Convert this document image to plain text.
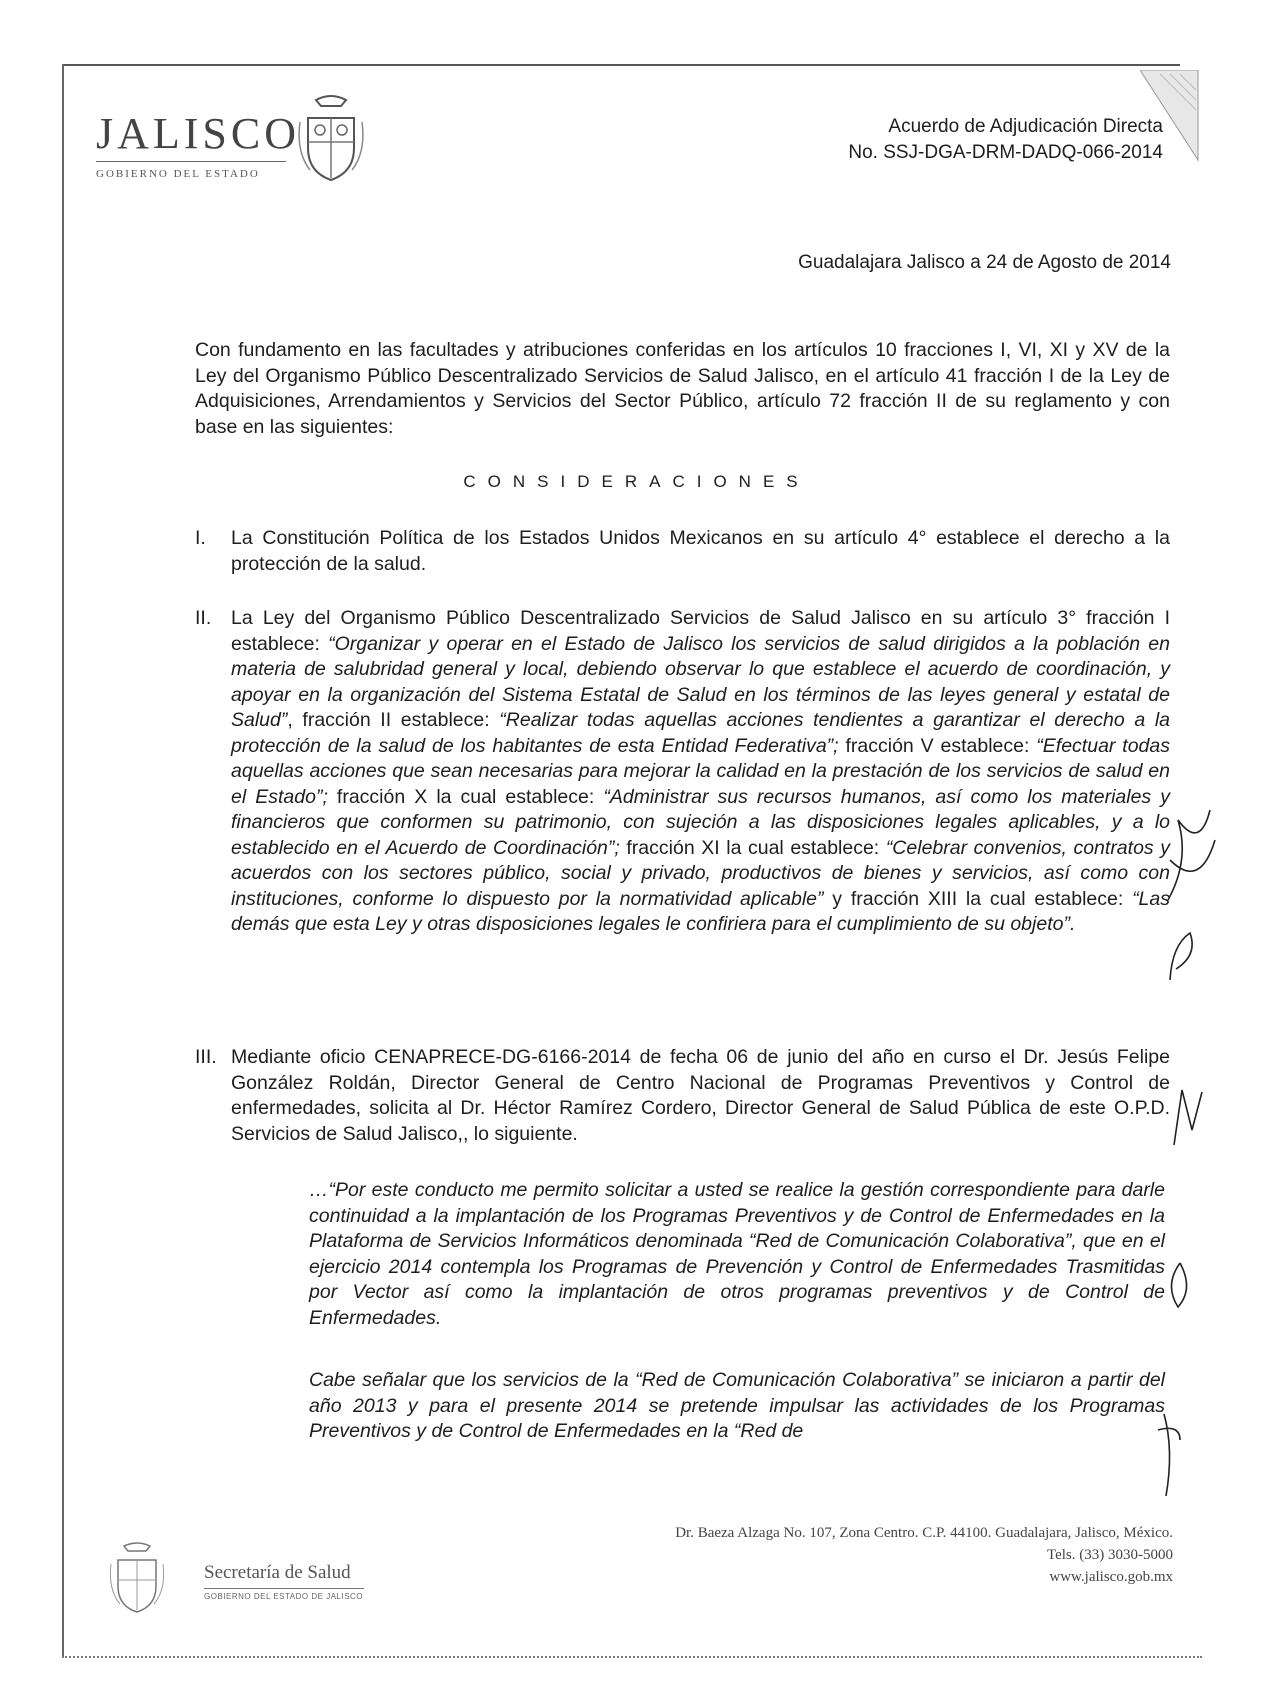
JALISCO
GOBIERNO DEL ESTADO
Acuerdo de Adjudicación Directa
No. SSJ-DGA-DRM-DADQ-066-2014
Guadalajara Jalisco a 24 de Agosto de 2014
Con fundamento en las facultades y atribuciones conferidas en los artículos 10 fracciones I, VI, XI y XV de la Ley del Organismo Público Descentralizado Servicios de Salud Jalisco, en el artículo 41 fracción I de la Ley de Adquisiciones, Arrendamientos y Servicios del Sector Público, artículo 72 fracción II de su reglamento y con base en las siguientes:
CONSIDERACIONES
I.	La Constitución Política de los Estados Unidos Mexicanos en su artículo 4° establece el derecho a la protección de la salud.
II.	La Ley del Organismo Público Descentralizado Servicios de Salud Jalisco en su artículo 3° fracción I establece: “Organizar y operar en el Estado de Jalisco los servicios de salud dirigidos a la población en materia de salubridad general y local, debiendo observar lo que establece el acuerdo de coordinación, y apoyar en la organización del Sistema Estatal de Salud en los términos de las leyes general y estatal de Salud”, fracción II establece: “Realizar todas aquellas acciones tendientes a garantizar el derecho a la protección de la salud de los habitantes de esta Entidad Federativa”; fracción V establece: “Efectuar todas aquellas acciones que sean necesarias para mejorar la calidad en la prestación de los servicios de salud en el Estado”; fracción X la cual establece: “Administrar sus recursos humanos, así como los materiales y financieros que conformen su patrimonio, con sujeción a las disposiciones legales aplicables, y a lo establecido en el Acuerdo de Coordinación”; fracción XI la cual establece: “Celebrar convenios, contratos y acuerdos con los sectores público, social y privado, productivos de bienes y servicios, así como con instituciones, conforme lo dispuesto por la normatividad aplicable” y fracción XIII la cual establece: “Las demás que esta Ley y otras disposiciones legales le confiriera para el cumplimiento de su objeto”.
III. Mediante oficio CENAPRECE-DG-6166-2014 de fecha 06 de junio del año en curso el Dr. Jesús Felipe González Roldán, Director General de Centro Nacional de Programas Preventivos y Control de enfermedades, solicita al Dr. Héctor Ramírez Cordero, Director General de Salud Pública de este O.P.D. Servicios de Salud Jalisco,, lo siguiente.
…“Por este conducto me permito solicitar a usted se realice la gestión correspondiente para darle continuidad a la implantación de los Programas Preventivos y de Control de Enfermedades en la Plataforma de Servicios Informáticos denominada “Red de Comunicación Colaborativa”, que en el ejercicio 2014 contempla los Programas de Prevención y Control de Enfermedades Trasmitidas por Vector así como la implantación de otros programas preventivos y de Control de Enfermedades.
Cabe señalar que los servicios de la “Red de Comunicación Colaborativa” se iniciaron a partir del año 2013 y para el presente 2014 se pretende impulsar las actividades de los Programas Preventivos y de Control de Enfermedades en la “Red de
Dr. Baeza Alzaga No. 107, Zona Centro. C.P. 44100. Guadalajara, Jalisco, México.
Tels. (33) 3030-5000
www.jalisco.gob.mx
Secretaría de Salud
GOBIERNO DEL ESTADO DE JALISCO
